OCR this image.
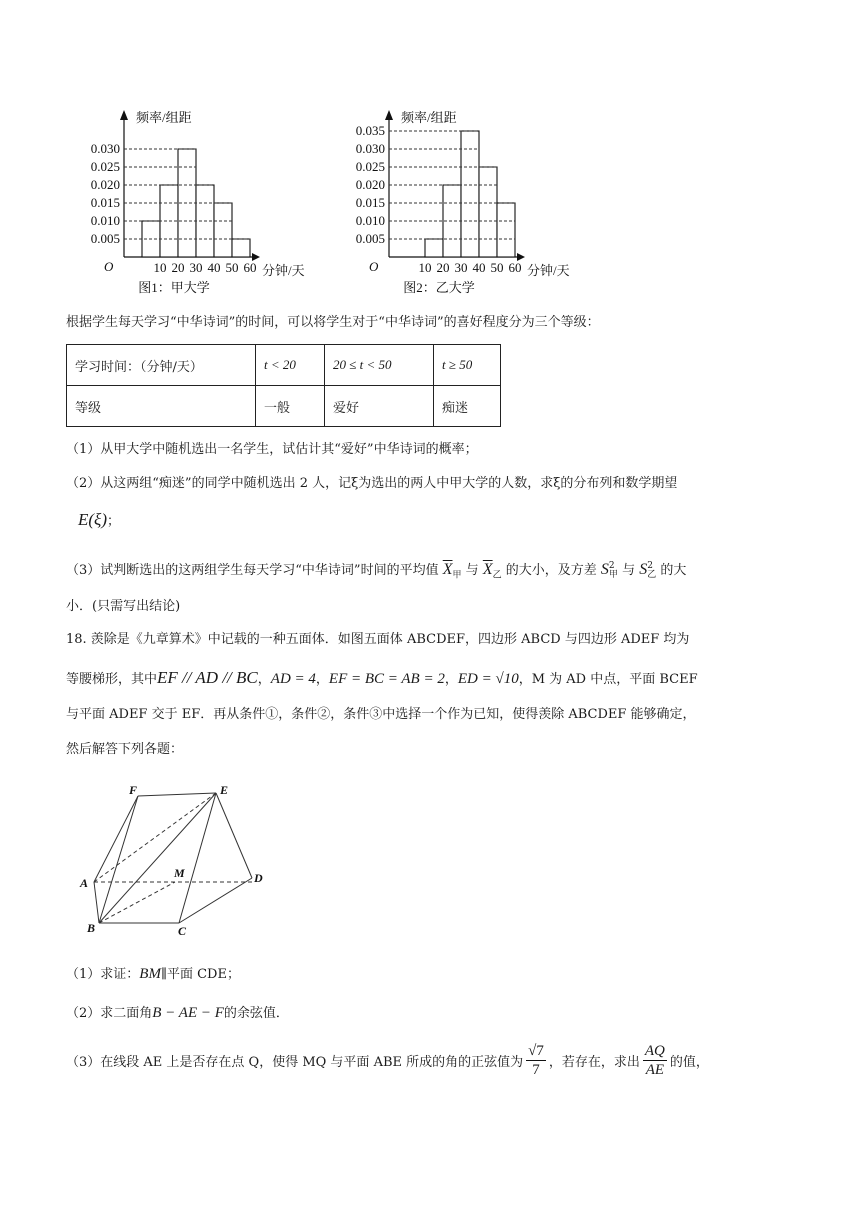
频率/组距
分钟/天
O
0.005
0.010
0.015
0.020
0.025
0.030
10 20 30 40 50 60
图1：甲大学
频率/组距
分钟/天
O
0.005
0.010
0.015
0.020
0.025
0.030
0.035
10 20 30 40 50 60
图2：乙大学
根据学生每天学习“中华诗词”的时间，可以将学生对于“中华诗词”的喜好程度分为三个等级：
学习时间：（分钟/天）	t < 20	20 ≤ t < 50	t ≥ 50
等级	一般	爱好	痴迷
（1）从甲大学中随机选出一名学生，试估计其“爱好”中华诗词的概率；
（2）从这两组“痴迷”的同学中随机选出 2 人，记ξ为选出的两人中甲大学的人数，求ξ的分布列和数学期望
E(ξ)；
（3）试判断选出的这两组学生每天学习“中华诗词”时间的平均值 $\overline{X}_甲$ 与 $\overline{X}_乙$ 的大小，及方差 S 2
甲 与 S 2
乙 的大
小．(只需写出结论)
18. 羡除是《九章算术》中记载的一种五面体．如图五面体 ABCDEF，四边形 ABCD 与四边形 ADEF 均为
等腰梯形，其中EF // AD // BC，AD = 4，EF = BC = AB = 2，ED = √10，M 为 AD 中点，平面 BCEF
与平面 ADEF 交于 EF．再从条件①，条件②，条件③中选择一个作为已知，使得羡除 ABCDEF 能够确定，
然后解答下列各题：
F	E
A
M	D
B	C
（1）求证：BM∥平面 CDE；
（2）求二面角B − AE − F的余弦值．
（3）在线段 AE 上是否存在点 Q，使得 MQ 与平面 ABE 所成的角的正弦值为 $\frac{√7}{7}$ ，若存在，求出 $\frac{AQ}{AE}$ 的值，
